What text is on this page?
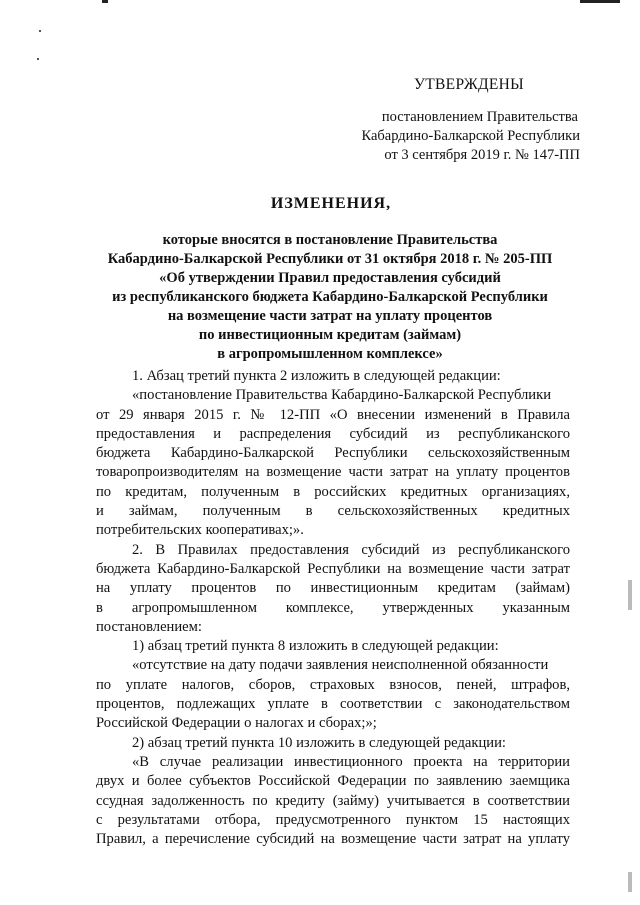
УТВЕРЖДЕНЫ
постановлением Правительства
Кабардино-Балкарской Республики
от 3 сентября 2019 г. № 147-ПП
ИЗМЕНЕНИЯ,
которые вносятся в постановление Правительства
Кабардино-Балкарской Республики от 31 октября 2018 г. № 205-ПП
«Об утверждении Правил предоставления субсидий
из республиканского бюджета Кабардино-Балкарской Республики
на возмещение части затрат на уплату процентов
по инвестиционным кредитам (займам)
в агропромышленном комплексе»
1. Абзац третий пункта 2 изложить в следующей редакции:
«постановление Правительства Кабардино-Балкарской Республики
от 29 января 2015 г. № 12-ПП «О внесении изменений в Правила
предоставления и распределения субсидий из республиканского
бюджета Кабардино-Балкарской Республики сельскохозяйственным
товаропроизводителям на возмещение части затрат на уплату процентов
по кредитам, полученным в российских кредитных организациях,
и займам, полученным в сельскохозяйственных кредитных
потребительских кооперативах;».
2. В Правилах предоставления субсидий из республиканского
бюджета Кабардино-Балкарской Республики на возмещение части затрат
на уплату процентов по инвестиционным кредитам (займам)
в агропромышленном комплексе, утвержденных указанным
постановлением:
1) абзац третий пункта 8 изложить в следующей редакции:
«отсутствие на дату подачи заявления неисполненной обязанности
по уплате налогов, сборов, страховых взносов, пеней, штрафов,
процентов, подлежащих уплате в соответствии с законодательством
Российской Федерации о налогах и сборах;»;
2) абзац третий пункта 10 изложить в следующей редакции:
«В случае реализации инвестиционного проекта на территории
двух и более субъектов Российской Федерации по заявлению заемщика
ссудная задолженность по кредиту (займу) учитывается в соответствии
с результатами отбора, предусмотренного пунктом 15 настоящих
Правил, а перечисление субсидий на возмещение части затрат на уплату
